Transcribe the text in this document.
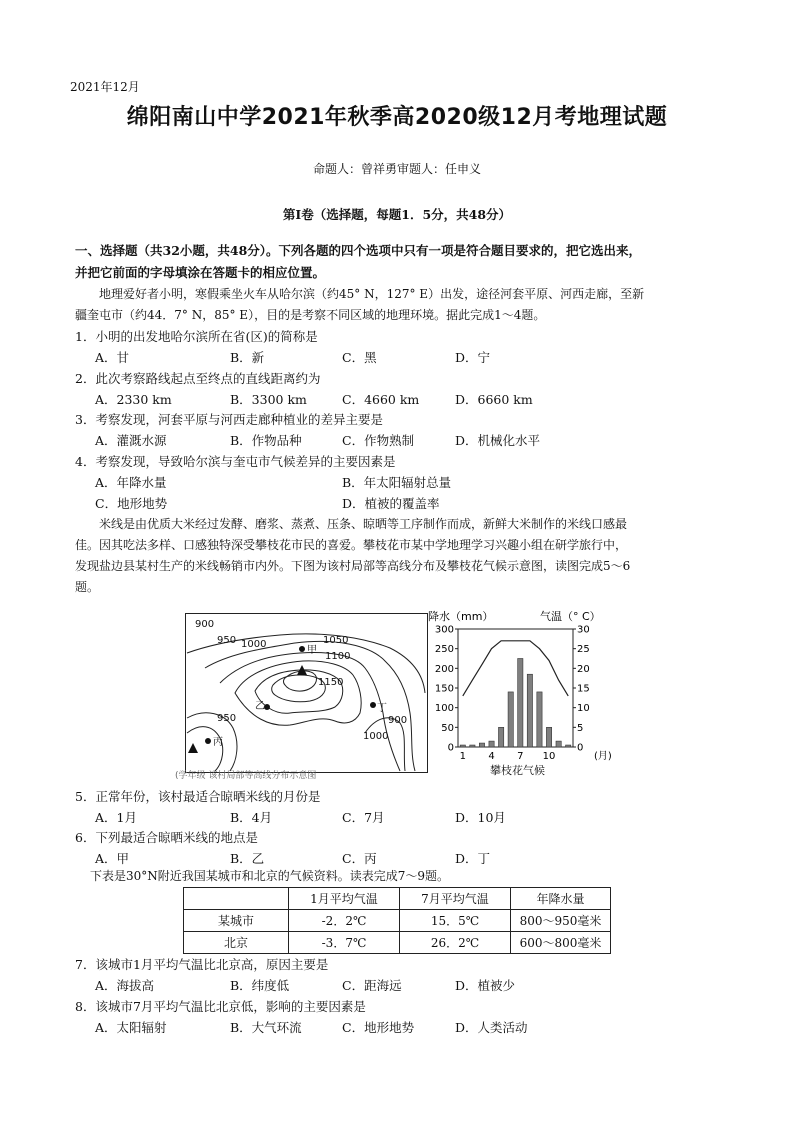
2021年12月
绵阳南山中学2021年秋季高2020级12月考地理试题
命题人：曾祥勇审题人：任申义
第Ⅰ卷（选择题，每题1．5分，共48分）
一、选择题（共32小题，共48分）。下列各题的四个选项中只有一项是符合题目要求的，把它选出来，
并把它前面的字母填涂在答题卡的相应位置。
地理爱好者小明，寒假乘坐火车从哈尔滨（约45° N，127° E）出发，途径河套平原、河西走廊，至新
疆奎屯市（约44．7° N，85° E），目的是考察不同区域的地理环境。据此完成1～4题。
1．小明的出发地哈尔滨所在省(区)的简称是
A．甘	B．新	C．黑	D．宁
2．此次考察路线起点至终点的直线距离约为
A．2330 km	B．3300 km	C．4660 km	D．6660 km
3．考察发现，河套平原与河西走廊种植业的差异主要是
A．灌溉水源	B．作物品种	C．作物熟制	D．机械化水平
4．考察发现，导致哈尔滨与奎屯市气候差异的主要因素是
A．年降水量	B．年太阳辐射总量
C．地形地势	D．植被的覆盖率
米线是由优质大米经过发酵、磨浆、蒸煮、压条、晾晒等工序制作而成，新鲜大米制作的米线口感最
佳。因其吃法多样、口感独特深受攀枝花市民的喜爱。攀枝花市某中学地理学习兴趣小组在研学旅行中，
发现盐边县某村生产的米线畅销市内外。下图为该村局部等高线分布及攀枝花气候示意图，读图完成5～6
题。
900
950 1000	1050
1100
1150
950	900
1000
甲
乙
丙
丁
(学年级 该村局部等高线分布示意图
降水（mm）	气温（° C）
0
50
100
150
200
250
300
0
5
10
15
20
25
30
1 4 7 10	(月)
攀枝花气候
5．正常年份，该村最适合晾晒米线的月份是
A．1月	B．4月	C．7月	D．10月
6．下列最适合晾晒米线的地点是
A．甲	B．乙	C．丙	D．丁
下表是30°N附近我国某城市和北京的气候资料。读表完成7～9题。
	1月平均气温	7月平均气温	年降水量
某城市	-2．2℃	15．5℃	800～950毫米
北京	-3．7℃	26．2℃	600～800毫米
7．该城市1月平均气温比北京高，原因主要是
A．海拔高	B．纬度低	C．距海远	D．植被少
8．该城市7月平均气温比北京低，影响的主要因素是
A．太阳辐射	B．大气环流	C．地形地势	D．人类活动
